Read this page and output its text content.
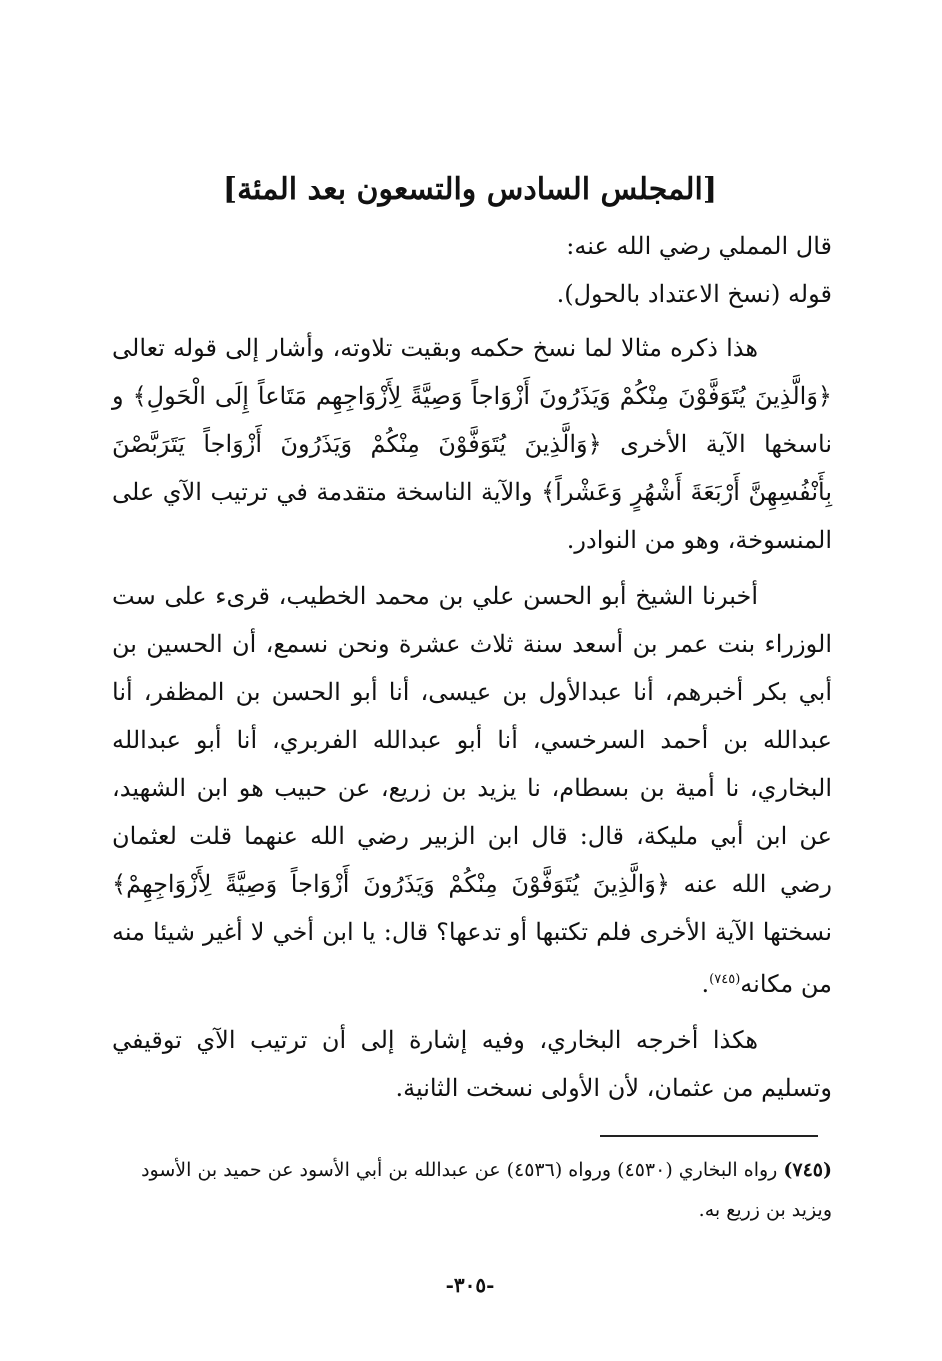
[المجلس السادس والتسعون بعد المئة]

قال المملي رضي الله عنه:

قوله (نسخ الاعتداد بالحول).

هذا ذكره مثالا لما نسخ حكمه وبقيت تلاوته، وأشار إلى قوله تعالى ﴿وَالَّذِينَ يُتَوَفَّوْنَ مِنْكُمْ وَيَذَرُونَ أَزْوَاجاً وَصِيَّةً لِأَزْوَاجِهِم مَتَاعاً إِلَى الْحَولِ﴾ و ناسخها الآية الأخرى ﴿وَالَّذِينَ يُتَوَفَّوْنَ مِنْكُمْ وَيَذَرُونَ أَزْوَاجاً يَتَرَبَّصْنَ بِأَنْفُسِهِنَّ أَرْبَعَةَ أَشْهُرٍ وَعَشْراً﴾ والآية الناسخة متقدمة في ترتيب الآي على المنسوخة، وهو من النوادر.

أخبرنا الشيخ أبو الحسن علي بن محمد الخطيب، قرىء على ست الوزراء بنت عمر بن أسعد سنة ثلاث عشرة ونحن نسمع، أن الحسين بن أبي بكر أخبرهم، أنا عبدالأول بن عيسى، أنا أبو الحسن بن المظفر، أنا عبدالله بن أحمد السرخسي، أنا أبو عبدالله الفربري، أنا أبو عبدالله البخاري، نا أمية بن بسطام، نا يزيد بن زريع، عن حبيب هو ابن الشهيد، عن ابن أبي مليكة، قال: قال ابن الزبير رضي الله عنهما قلت لعثمان رضي الله عنه ﴿وَالَّذِينَ يُتَوَفَّوْنَ مِنْكُمْ وَيَذَرُونَ أَزْوَاجاً وَصِيَّةً لِأَزْوَاجِهِمْ﴾ نسختها الآية الأخرى فلم تكتبها أو تدعها؟ قال: يا ابن أخي لا أغير شيئا منه من مكانه$^{(٧٤٥)}$.

هكذا أخرجه البخاري، وفيه إشارة إلى أن ترتيب الآي توقيفي وتسليم من عثمان، لأن الأولى نسخت الثانية.

(٧٤٥) رواه البخاري (٤٥٣٠) ورواه (٤٥٣٦) عن عبدالله بن أبي الأسود عن حميد بن الأسود ويزيد بن زريع به.

-٣٠٥-
